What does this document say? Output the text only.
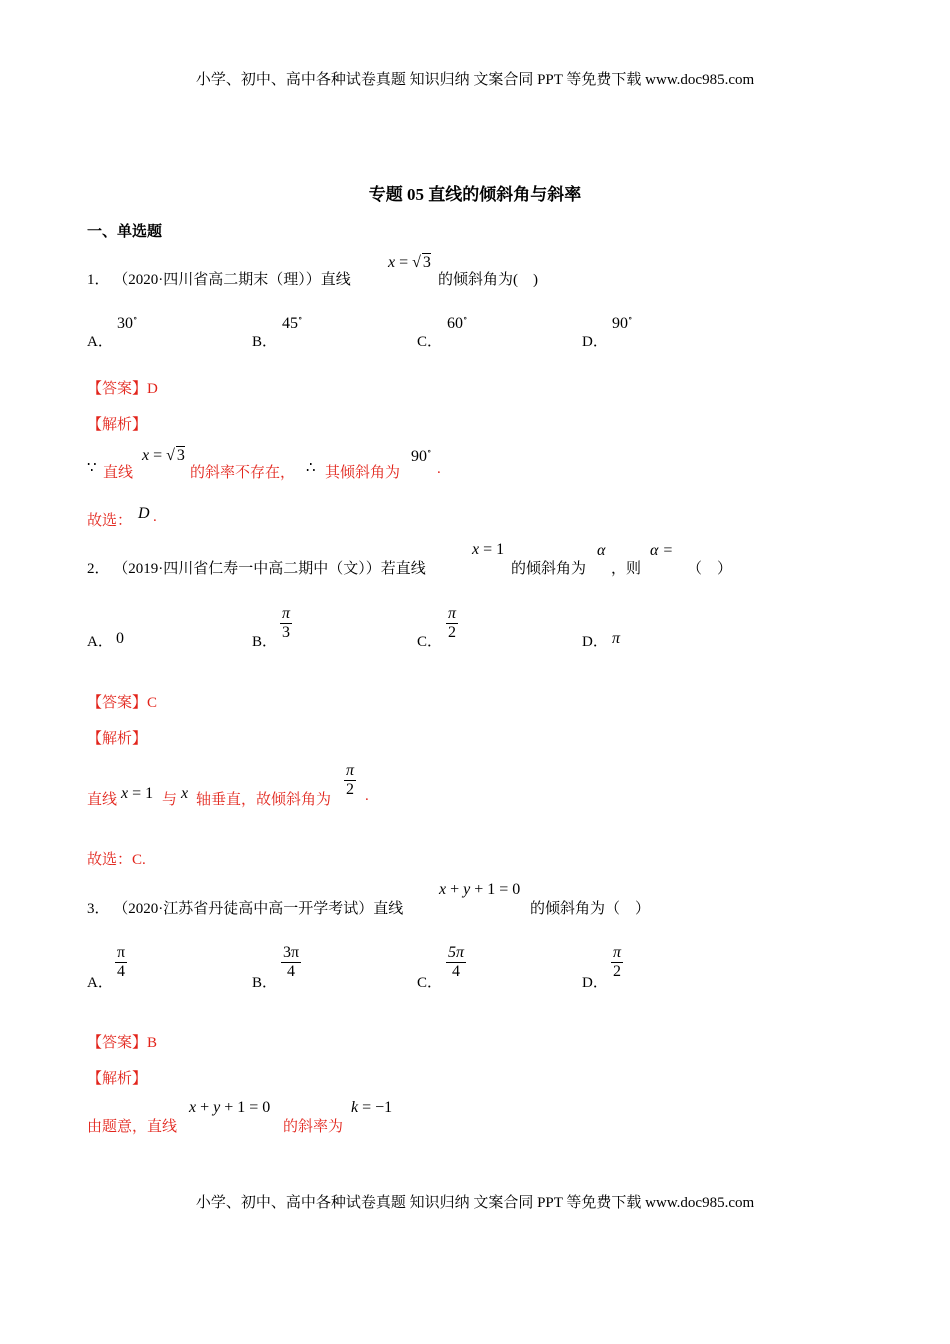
小学、初中、高中各种试卷真题 知识归纳 文案合同 PPT 等免费下载 www.doc985.com
专题 05 直线的倾斜角与斜率
一、单选题
1． （2020·四川省高二期末（理））直线
x = √ 3
的倾斜角为(　)
A．
30∘
B．
45∘
C．
60∘
D．
90∘
【答案】D
【解析】
∵ 直线
x = √ 3
的斜率不存在， ∴ 其倾斜角为
90∘
.
故选： D .
2． （2019·四川省仁寿一中高二期中（文））若直线
x = 1
的倾斜角为
α
，则
α =
（　）
A． 0	B． $\frac{\pi}{3}$	C． $\frac{\pi}{2}$	D． π
【答案】C
【解析】
直线 x = 1 与 x 轴垂直，故倾斜角为
$\frac{\pi}{2}$ .
故选：C.
3． （2020·江苏省丹徒高中高一开学考试）直线
x + y + 1 = 0
的倾斜角为（　）
A．
$\frac{\pi}{4}$
B．
$\frac{3\pi}{4}$
C．
$\frac{5\pi}{4}$
D．
$\frac{\pi}{2}$
【答案】B
【解析】
由题意，直线
x + y + 1 = 0
的斜率为
k = −1
小学、初中、高中各种试卷真题 知识归纳 文案合同 PPT 等免费下载 www.doc985.com
